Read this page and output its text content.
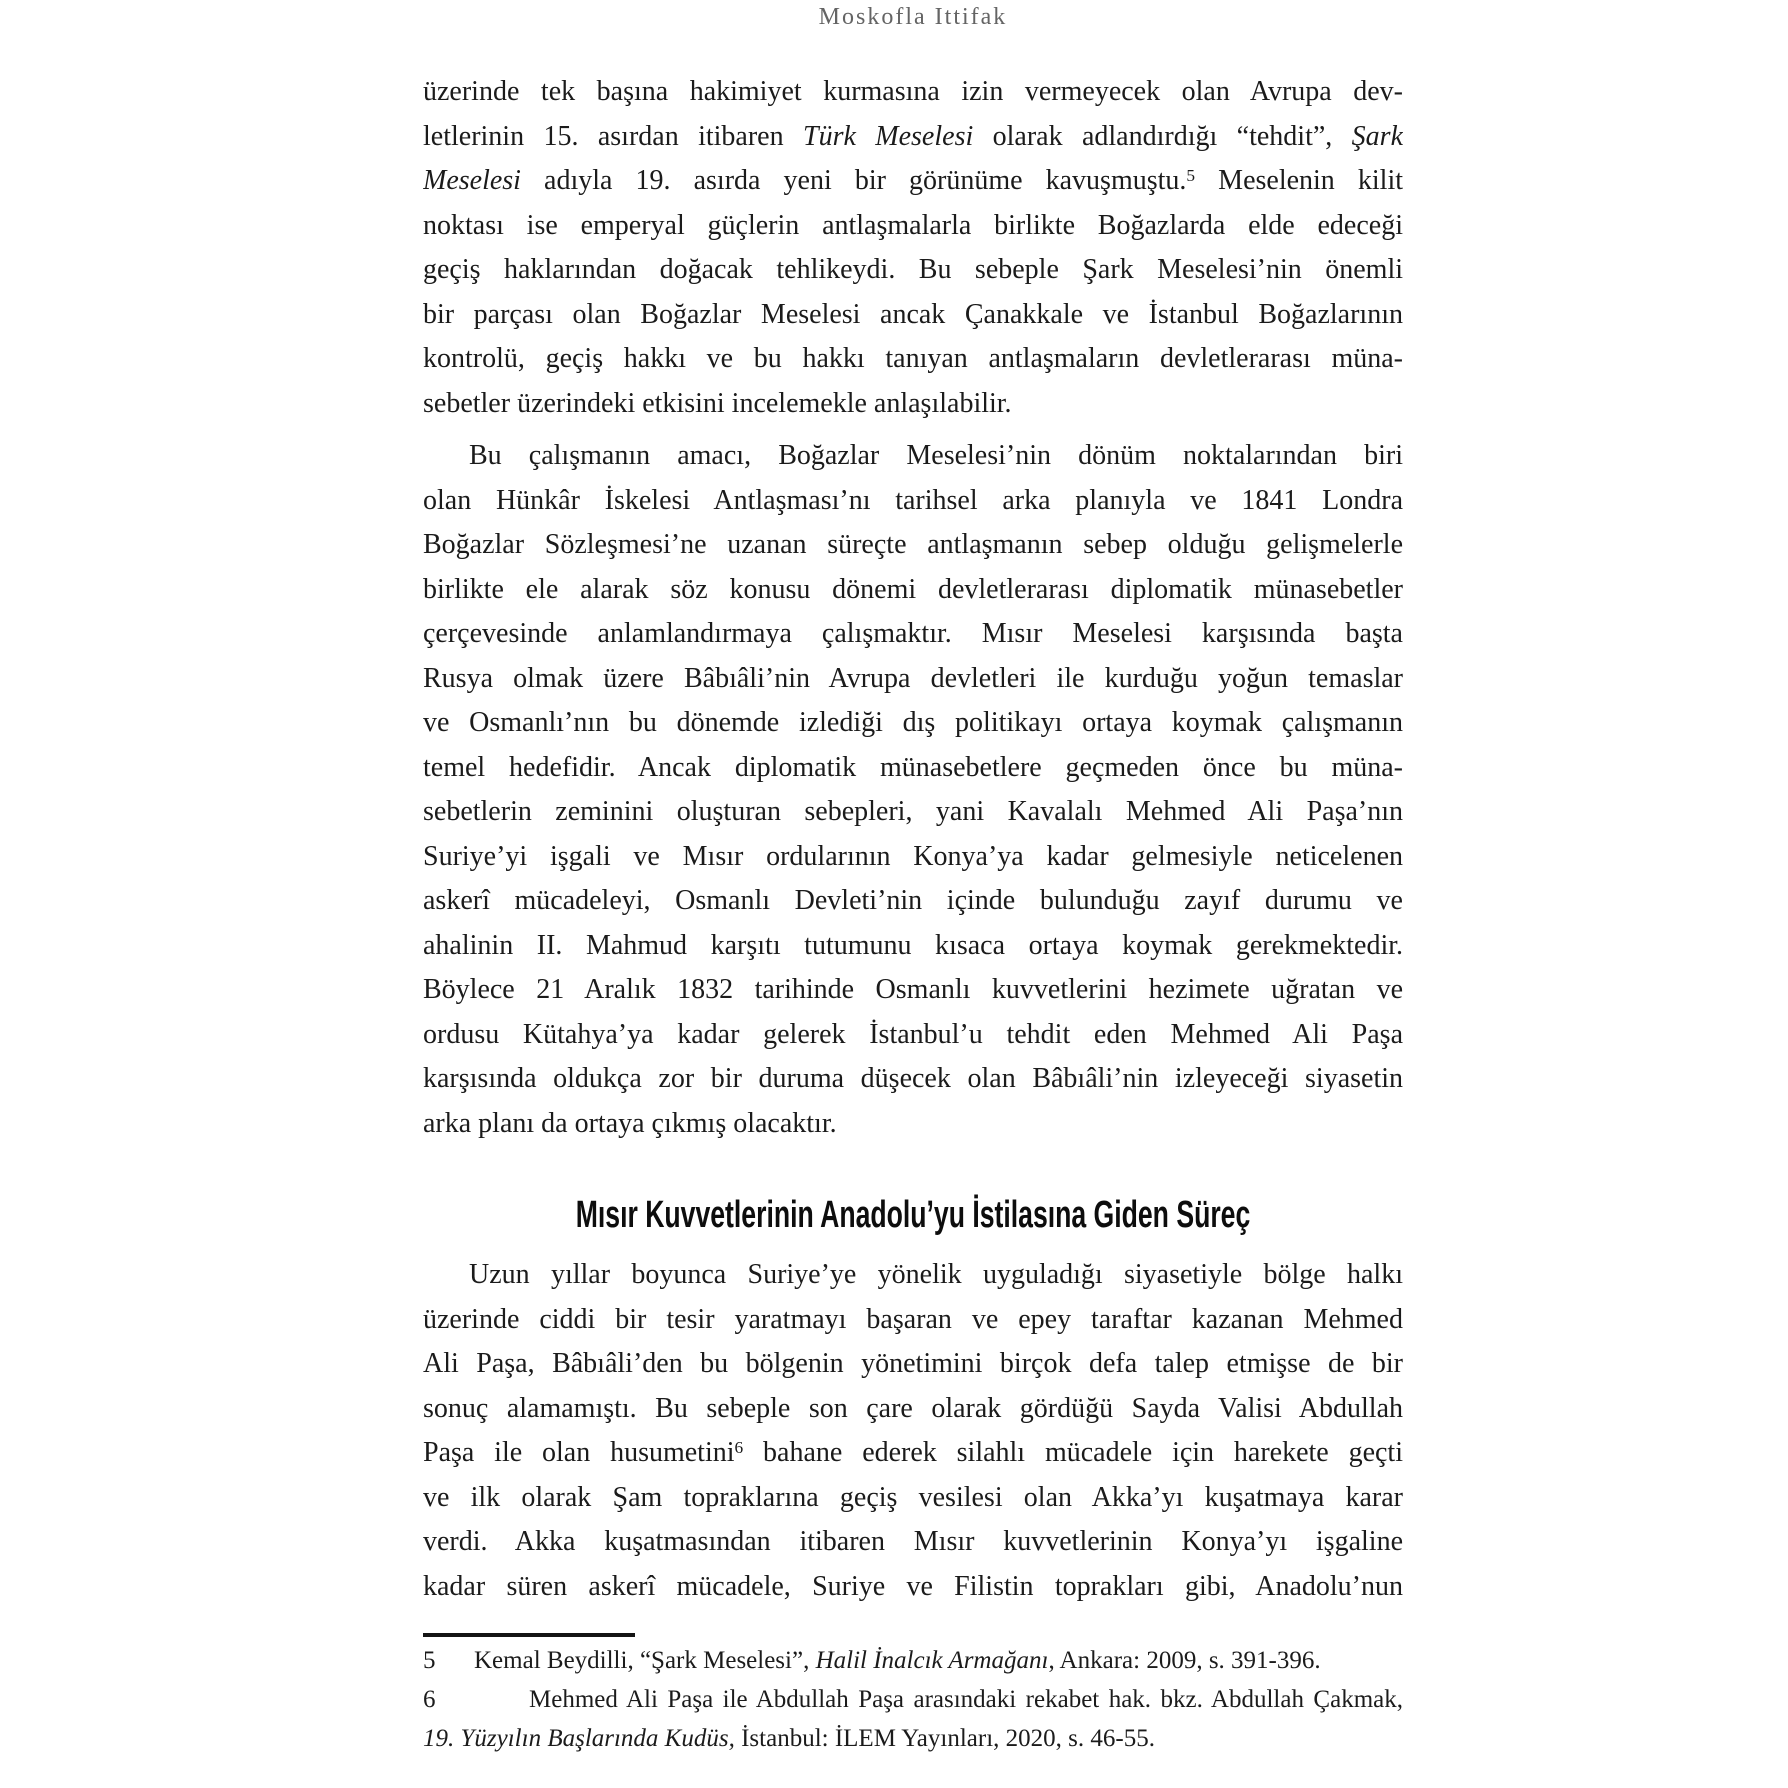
Moskofla Ittifak
üzerinde tek başına hakimiyet kurmasına izin vermeyecek olan Avrupa dev-
letlerinin 15. asırdan itibaren Türk Meselesi olarak adlandırdığı “tehdit”, Şark
Meselesi adıyla 19. asırda yeni bir görünüme kavuşmuştu.$^5$ Meselenin kilit
noktası ise emperyal güçlerin antlaşmalarla birlikte Boğazlarda elde edeceği
geçiş haklarından doğacak tehlikeydi. Bu sebeple Şark Meselesi’nin önemli
bir parçası olan Boğazlar Meselesi ancak Çanakkale ve İstanbul Boğazlarının
kontrolü, geçiş hakkı ve bu hakkı tanıyan antlaşmaların devletlerarası müna-
sebetler üzerindeki etkisini incelemekle anlaşılabilir.
Bu çalışmanın amacı, Boğazlar Meselesi’nin dönüm noktalarından biri
olan Hünkâr İskelesi Antlaşması’nı tarihsel arka planıyla ve 1841 Londra
Boğazlar Sözleşmesi’ne uzanan süreçte antlaşmanın sebep olduğu gelişmelerle
birlikte ele alarak söz konusu dönemi devletlerarası diplomatik münasebetler
çerçevesinde anlamlandırmaya çalışmaktır. Mısır Meselesi karşısında başta
Rusya olmak üzere Bâbıâli’nin Avrupa devletleri ile kurduğu yoğun temaslar
ve Osmanlı’nın bu dönemde izlediği dış politikayı ortaya koymak çalışmanın
temel hedefidir. Ancak diplomatik münasebetlere geçmeden önce bu müna-
sebetlerin zeminini oluşturan sebepleri, yani Kavalalı Mehmed Ali Paşa’nın
Suriye’yi işgali ve Mısır ordularının Konya’ya kadar gelmesiyle neticelenen
askerî mücadeleyi, Osmanlı Devleti’nin içinde bulunduğu zayıf durumu ve
ahalinin II. Mahmud karşıtı tutumunu kısaca ortaya koymak gerekmektedir.
Böylece 21 Aralık 1832 tarihinde Osmanlı kuvvetlerini hezimete uğratan ve
ordusu Kütahya’ya kadar gelerek İstanbul’u tehdit eden Mehmed Ali Paşa
karşısında oldukça zor bir duruma düşecek olan Bâbıâli’nin izleyeceği siyasetin
arka planı da ortaya çıkmış olacaktır.
Mısır Kuvvetlerinin Anadolu’yu İstilasına Giden Süreç
Uzun yıllar boyunca Suriye’ye yönelik uyguladığı siyasetiyle bölge halkı
üzerinde ciddi bir tesir yaratmayı başaran ve epey taraftar kazanan Mehmed
Ali Paşa, Bâbıâli’den bu bölgenin yönetimini birçok defa talep etmişse de bir
sonuç alamamıştı. Bu sebeple son çare olarak gördüğü Sayda Valisi Abdullah
Paşa ile olan husumetini$^6$ bahane ederek silahlı mücadele için harekete geçti
ve ilk olarak Şam topraklarına geçiş vesilesi olan Akka’yı kuşatmaya karar
verdi. Akka kuşatmasından itibaren Mısır kuvvetlerinin Konya’yı işgaline
kadar süren askerî mücadele, Suriye ve Filistin toprakları gibi, Anadolu’nun
5 Kemal Beydilli, “Şark Meselesi”, Halil İnalcık Armağanı, Ankara: 2009, s. 391-396.
6	Mehmed Ali Paşa ile Abdullah Paşa arasındaki rekabet hak. bkz. Abdullah Çakmak,
19. Yüzyılın Başlarında Kudüs, İstanbul: İLEM Yayınları, 2020, s. 46-55.
